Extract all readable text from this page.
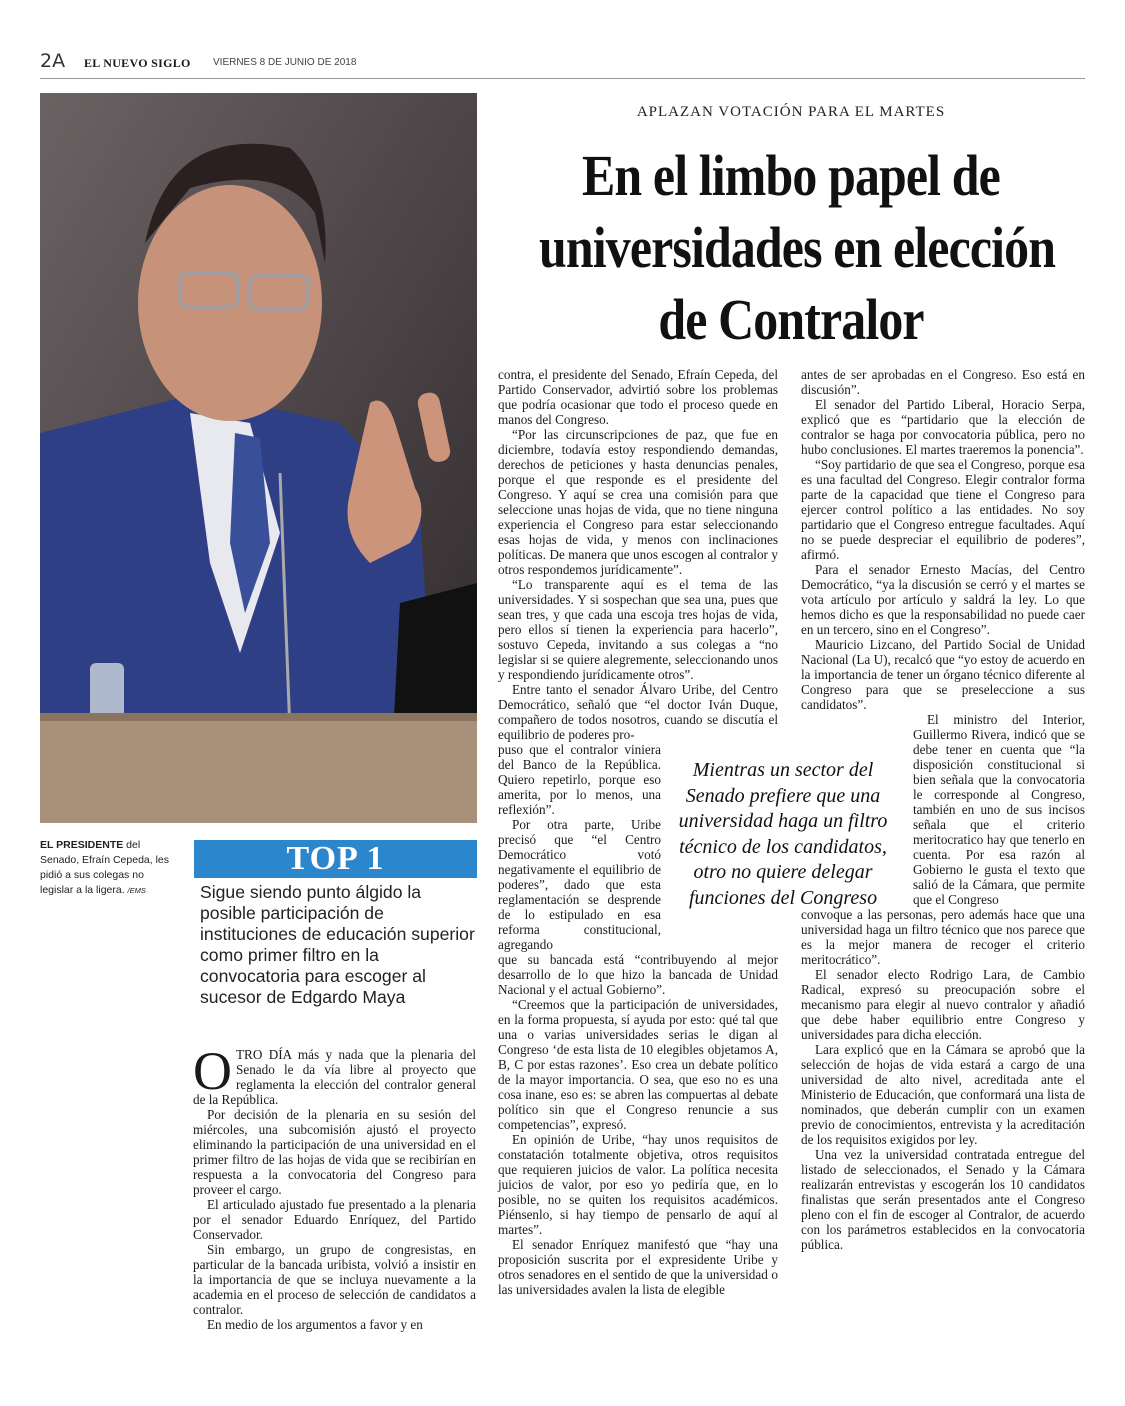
2A EL NUEVO SIGLO VIERNES 8 DE JUNIO DE 2018
EL PRESIDENTE del Senado, Efraín Cepeda, les pidió a sus colegas no legislar a la ligera. /EMS
TOP 1
Sigue siendo punto álgido la posible participación de instituciones de educación superior como primer filtro en la convocatoria para escoger al sucesor de Edgardo Maya
APLAZAN VOTACIÓN PARA EL MARTES
En el limbo papel de
universidades en elección
de Contralor

OTRO DÍA más y nada que la plenaria del Senado le da vía libre al proyecto que reglamenta la elección del contralor general de la República.

Por decisión de la plenaria en su sesión del miércoles, una subcomisión ajustó el proyecto eliminando la participación de una universidad en el primer filtro de las hojas de vida que se recibirían en respuesta a la convocatoria del Congreso para proveer el cargo.

El articulado ajustado fue presentado a la plenaria por el senador Eduardo Enríquez, del Partido Conservador.

Sin embargo, un grupo de congresistas, en particular de la bancada uribista, volvió a insistir en la importancia de que se incluya nuevamente a la academia en el proceso de selección de candidatos a contralor.

En medio de los argumentos a favor y en

contra, el presidente del Senado, Efraín Cepeda, del Partido Conservador, advirtió sobre los problemas que podría ocasionar que todo el proceso quede en manos del Congreso.

“Por las circunscripciones de paz, que fue en diciembre, todavía estoy respondiendo demandas, derechos de peticiones y hasta denuncias penales, porque el que responde es el presidente del Congreso. Y aquí se crea una comisión para que seleccione unas hojas de vida, que no tiene ninguna experiencia el Congreso para estar seleccionando esas hojas de vida, y menos con inclinaciones políticas. De manera que unos escogen al contralor y otros respondemos jurídicamente”.

“Lo transparente aquí es el tema de las universidades. Y si sospechan que sea una, pues que sean tres, y que cada una escoja tres hojas de vida, pero ellos sí tienen la experiencia para hacerlo”, sostuvo Cepeda, invitando a sus colegas a “no legislar si se quiere alegremente, seleccionando unos y respondiendo jurídicamente otros”.

Entre tanto el senador Álvaro Uribe, del Centro Democrático, señaló que “el doctor Iván Duque, compañero de todos nosotros, cuando se discutía el equilibrio de poderes pro-

puso que el contralor viniera del Banco de la República. Quiero repetirlo, porque eso amerita, por lo menos, una reflexión”.

Por otra parte, Uribe precisó que “el Centro Democrático votó negativamente el equilibrio de poderes”, dado que esta reglamentación se desprende de lo estipulado en esa reforma constitucional, agregando

que su bancada está “contribuyendo al mejor desarrollo de lo que hizo la bancada de Unidad Nacional y el actual Gobierno”.

“Creemos que la participación de universidades, en la forma propuesta, sí ayuda por esto: qué tal que una o varias universidades serias le digan al Congreso ‘de esta lista de 10 elegibles objetamos A, B, C por estas razones’. Eso crea un debate político de la mayor importancia. O sea, que eso no es una cosa inane, eso es: se abren las compuertas al debate político sin que el Congreso renuncie a sus competencias”, expresó.

En opinión de Uribe, “hay unos requisitos de constatación totalmente objetiva, otros requisitos que requieren juicios de valor. La política necesita juicios de valor, por eso yo pediría que, en lo posible, no se quiten los requisitos académicos. Piénsenlo, si hay tiempo de pensarlo de aquí al martes”.

El senador Enríquez manifestó que “hay una proposición suscrita por el expresidente Uribe y otros senadores en el sentido de que la universidad o las universidades avalen la lista de elegible

Mientras un sector del Senado prefiere que una universidad haga un filtro técnico de los candidatos, otro no quiere delegar funciones del Congreso

antes de ser aprobadas en el Congreso. Eso está en discusión”.

El senador del Partido Liberal, Horacio Serpa, explicó que es “partidario que la elección de contralor se haga por convocatoria pública, pero no hubo conclusiones. El martes traeremos la ponencia”.

“Soy partidario de que sea el Congreso, porque esa es una facultad del Congreso. Elegir contralor forma parte de la capacidad que tiene el Congreso para ejercer control político a las entidades. No soy partidario que el Congreso entregue facultades. Aquí no se puede despreciar el equilibrio de poderes”, afirmó.

Para el senador Ernesto Macías, del Centro Democrático, “ya la discusión se cerró y el martes se vota artículo por artículo y saldrá la ley. Lo que hemos dicho es que la responsabilidad no puede caer en un tercero, sino en el Congreso”.

Mauricio Lizcano, del Partido Social de Unidad Nacional (La U), recalcó que “yo estoy de acuerdo en la importancia de tener un órgano técnico diferente al Congreso para que se preseleccione a sus candidatos”.

El ministro del Interior, Guillermo Rivera, indicó que se debe tener en cuenta que “la disposición constitucional si bien señala que la convocatoria le corresponde al Congreso, también en uno de sus incisos señala que el criterio meritocratico hay que tenerlo en cuenta. Por esa razón al Gobierno le gusta el texto que salió de la Cámara, que permite que el Congreso

convoque a las personas, pero además hace que una universidad haga un filtro técnico que nos parece que es la mejor manera de recoger el criterio meritocrático”.

El senador electo Rodrigo Lara, de Cambio Radical, expresó su preocupación sobre el mecanismo para elegir al nuevo contralor y añadió que debe haber equilibrio entre Congreso y universidades para dicha elección.

Lara explicó que en la Cámara se aprobó que la selección de hojas de vida estará a cargo de una universidad de alto nivel, acreditada ante el Ministerio de Educación, que conformará una lista de nominados, que deberán cumplir con un examen previo de conocimientos, entrevista y la acreditación de los requisitos exigidos por ley.

Una vez la universidad contratada entregue del listado de seleccionados, el Senado y la Cámara realizarán entrevistas y escogerán los 10 candidatos finalistas que serán presentados ante el Congreso pleno con el fin de escoger al Contralor, de acuerdo con los parámetros establecidos en la convocatoria pública.
